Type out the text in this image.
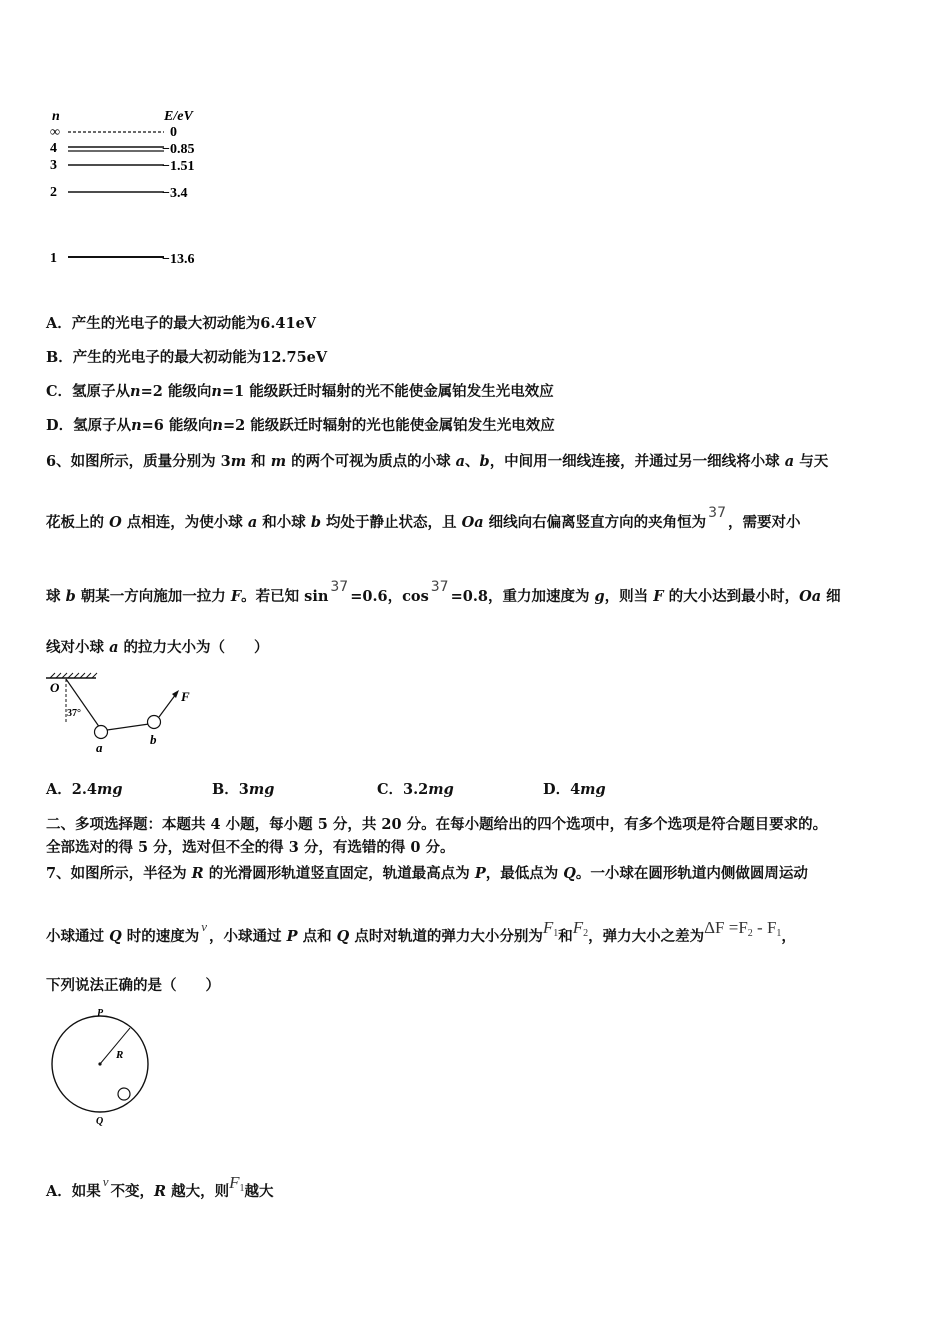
n	E/eV
∞	0
4	−0.85
3	−1.51
2	−3.4
1	−13.6
A．产生的光电子的最大初动能为6.41eV
B．产生的光电子的最大初动能为12.75eV
C．氢原子从n=2 能级向n=1 能级跃迁时辐射的光不能使金属铂发生光电效应
D．氢原子从n=6 能级向n=2 能级跃迁时辐射的光也能使金属铂发生光电效应
6、如图所示，质量分别为 3m 和 m 的两个可视为质点的小球 a、b，中间用一细线连接，并通过另一细线将小球 a 与天
花板上的 O 点相连，为使小球 a 和小球 b 均处于静止状态，且 Oa 细线向右偏离竖直方向的夹角恒为37，需要对小
球 b 朝某一方向施加一拉力 F。若已知 sin37=0.6，cos37=0.8，重力加速度为 g，则当 F 的大小达到最小时，Oa 细
线对小球 a 的拉力大小为（　　）
O
37°
a
b
F
A．2.4mg	B．3mg	C．3.2mg	D．4mg
二、多项选择题：本题共 4 小题，每小题 5 分，共 20 分。在每小题给出的四个选项中，有多个选项是符合题目要求的。
全部选对的得 5 分，选对但不全的得 3 分，有选错的得 0 分。
7、如图所示，半径为 R 的光滑圆形轨道竖直固定，轨道最高点为 P，最低点为 Q。一小球在圆形轨道内侧做圆周运动
小球通过 Q 时的速度为v，小球通过 P 点和 Q 点时对轨道的弹力大小分别为$F_1$和$F_2$，弹力大小之差为$\Delta F =F_2 - F_1$，
下列说法正确的是（　　）
P
R
Q
A．如果v不变，R 越大，则$F_1$越大
